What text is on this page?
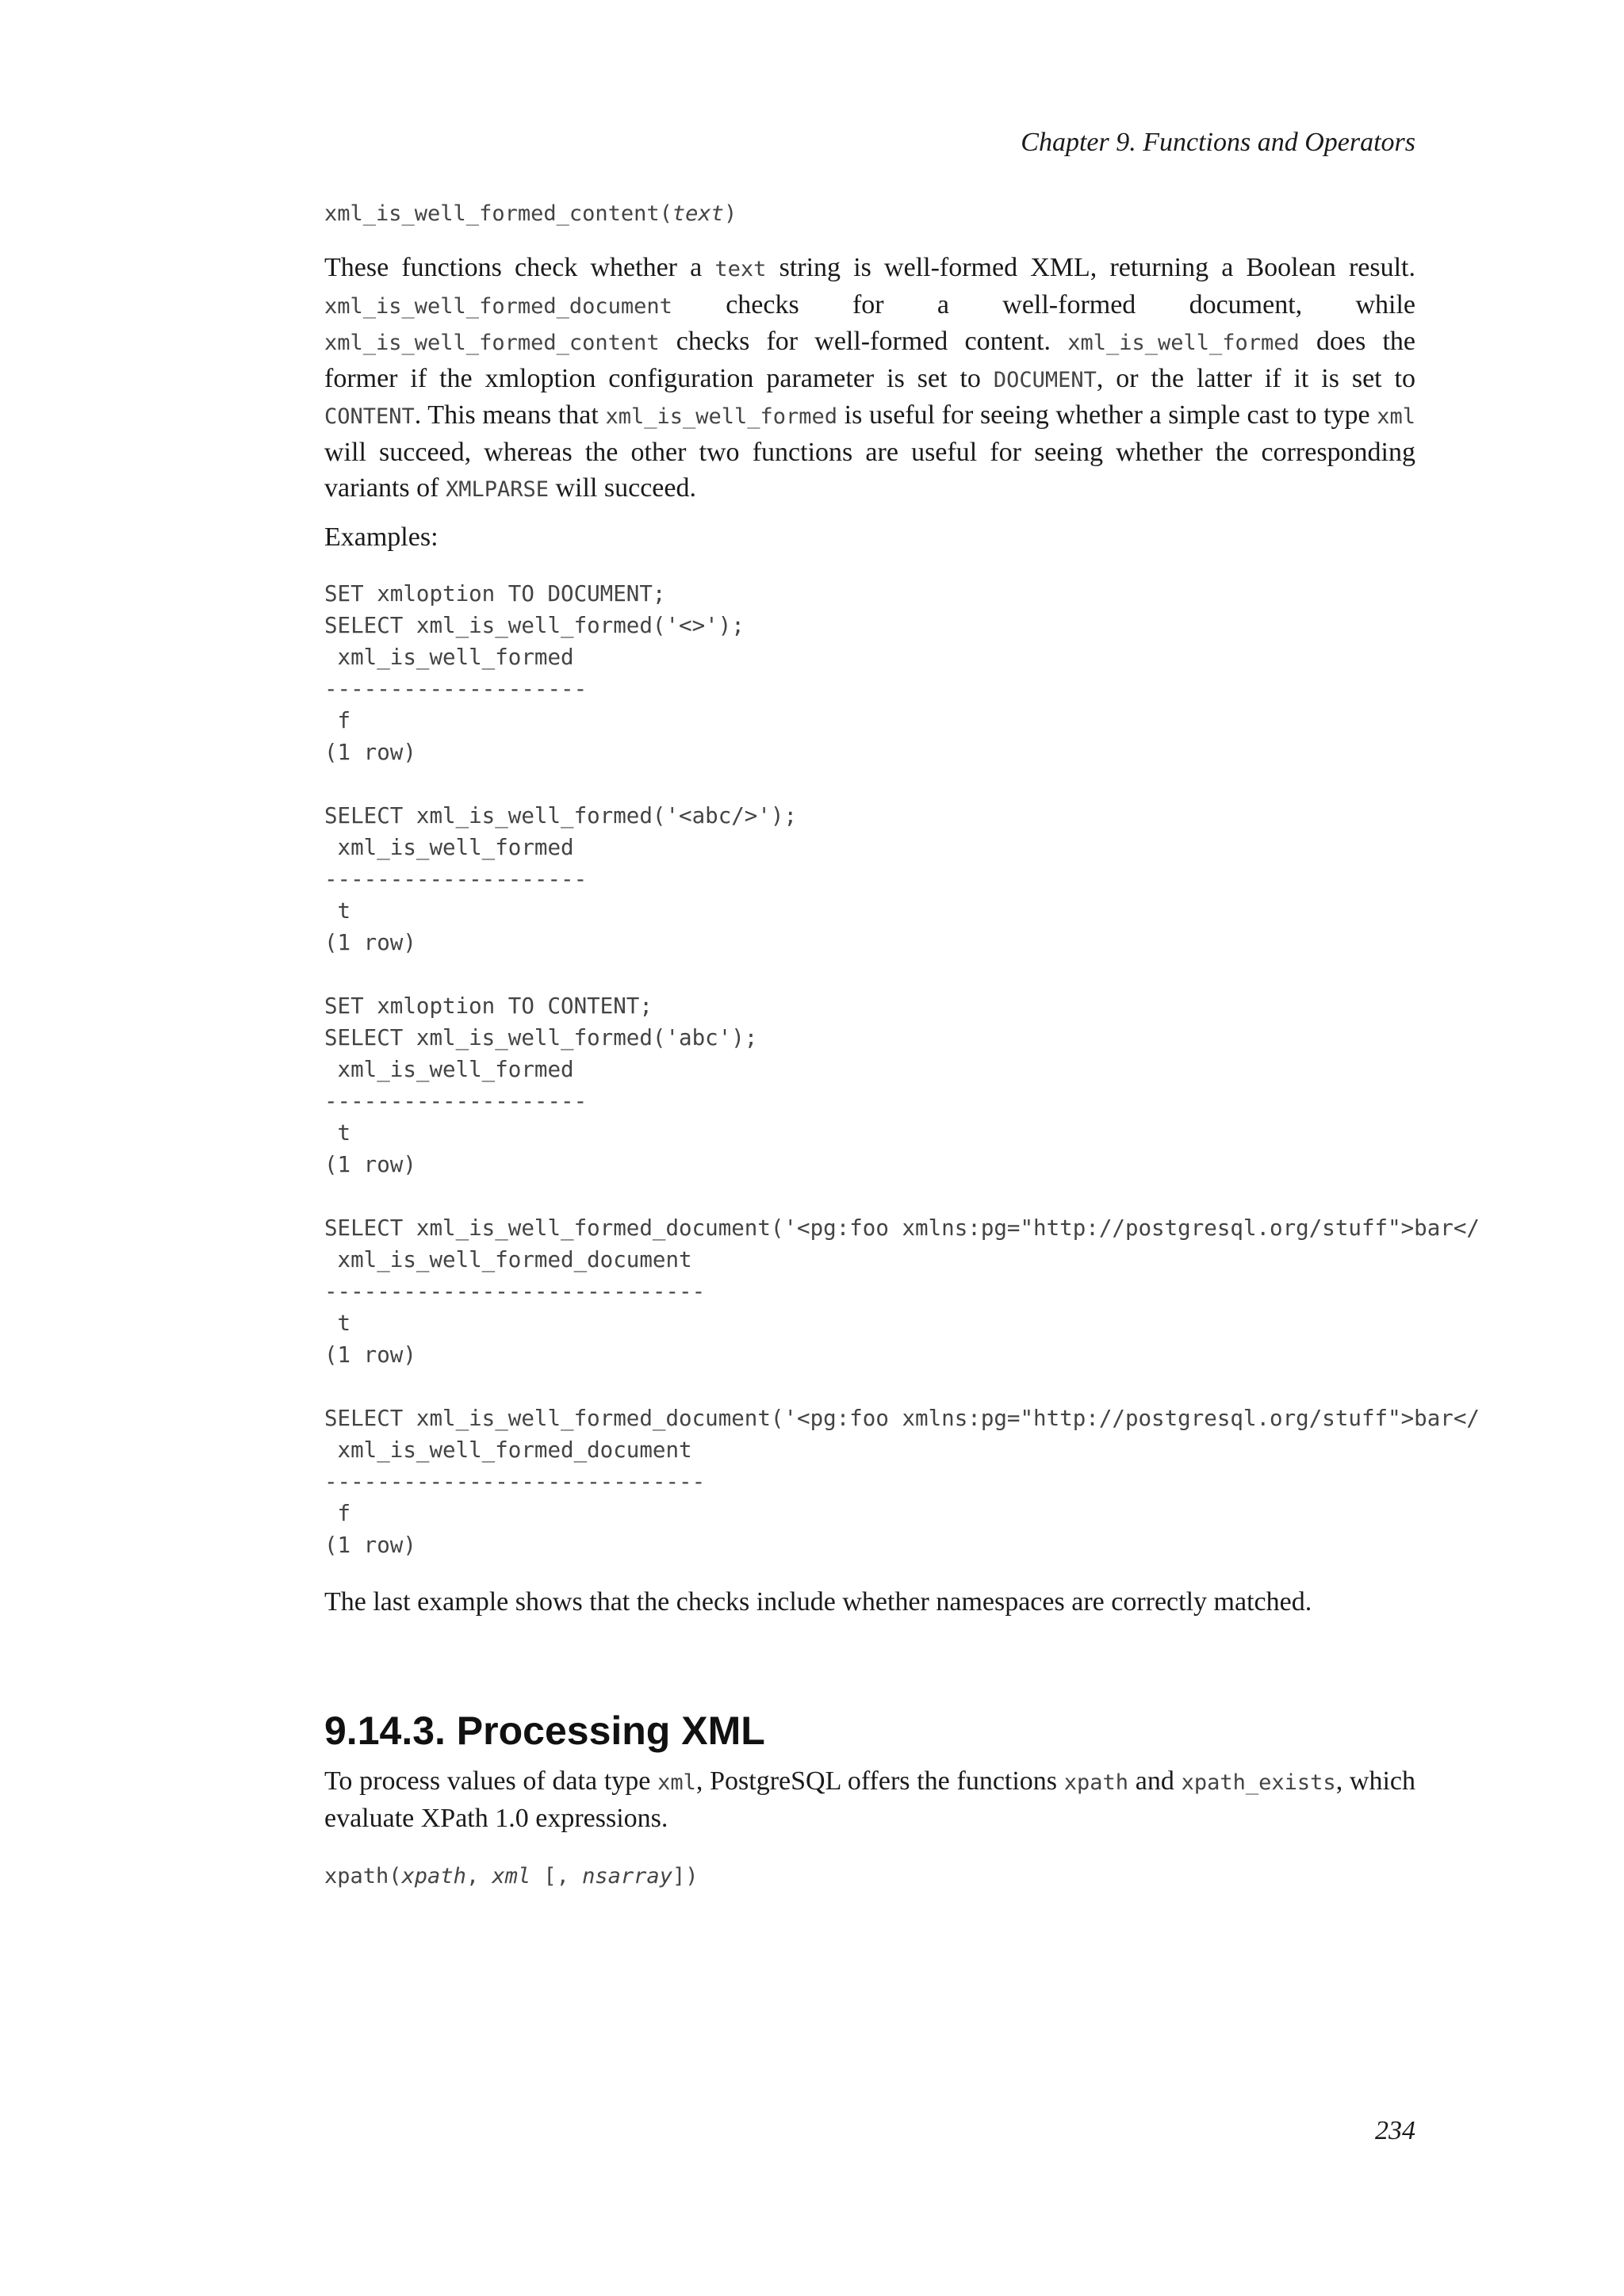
Chapter 9. Functions and Operators
xml_is_well_formed_content(text)

These functions check whether a text string is well-formed XML, returning a Boolean result. xml_is_well_formed_document checks for a well-formed document, while xml_is_well_formed_content checks for well-formed content. xml_is_well_formed does the former if the xmloption configuration parameter is set to DOCUMENT, or the latter if it is set to CONTENT. This means that xml_is_well_formed is useful for seeing whether a simple cast to type xml will succeed, whereas the other two functions are useful for seeing whether the corresponding variants of XMLPARSE will succeed.

Examples:

SET xmloption TO DOCUMENT;
SELECT xml_is_well_formed('<>');
xml_is_well_formed
--------------------
f
(1 row)

SELECT xml_is_well_formed('<abc/>');
xml_is_well_formed
--------------------
t
(1 row)

SET xmloption TO CONTENT;
SELECT xml_is_well_formed('abc');
xml_is_well_formed
--------------------
t
(1 row)

SELECT xml_is_well_formed_document('<pg:foo xmlns:pg="http://postgresql.org/stuff">bar</
xml_is_well_formed_document
-----------------------------
t
(1 row)

SELECT xml_is_well_formed_document('<pg:foo xmlns:pg="http://postgresql.org/stuff">bar</
xml_is_well_formed_document
-----------------------------
f
(1 row)

The last example shows that the checks include whether namespaces are correctly matched.

9.14.3. Processing XML

To process values of data type xml, PostgreSQL offers the functions xpath and xpath_exists, which evaluate XPath 1.0 expressions.

xpath(xpath, xml [, nsarray])
234
